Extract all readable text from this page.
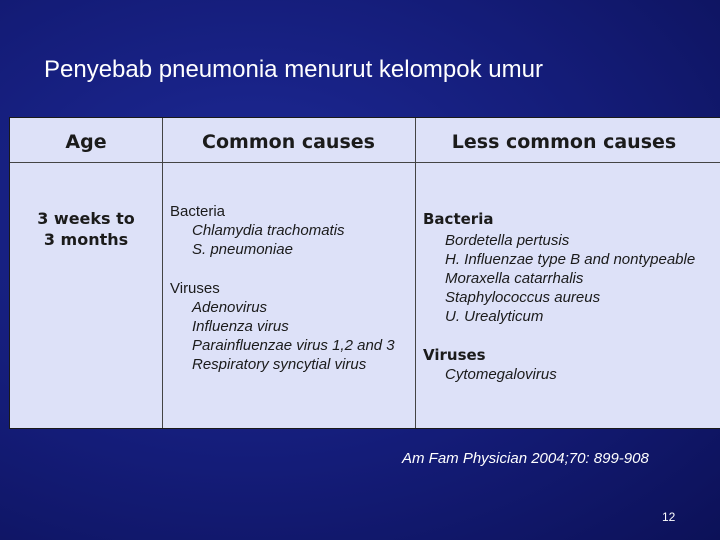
Penyebab pneumonia menurut kelompok umur
Age	Common causes	Less common causes
3 weeks to
3 months
Bacteria
Chlamydia trachomatis
S. pneumoniae
Viruses
Adenovirus
Influenza virus
Parainfluenzae virus 1,2 and 3
Respiratory syncytial virus
Bacteria
Bordetella pertusis
H. Influenzae type B and nontypeable
Moraxella catarrhalis
Staphylococcus aureus
U. Urealyticum
Viruses
Cytomegalovirus
Am Fam Physician 2004;70: 899-908
12
